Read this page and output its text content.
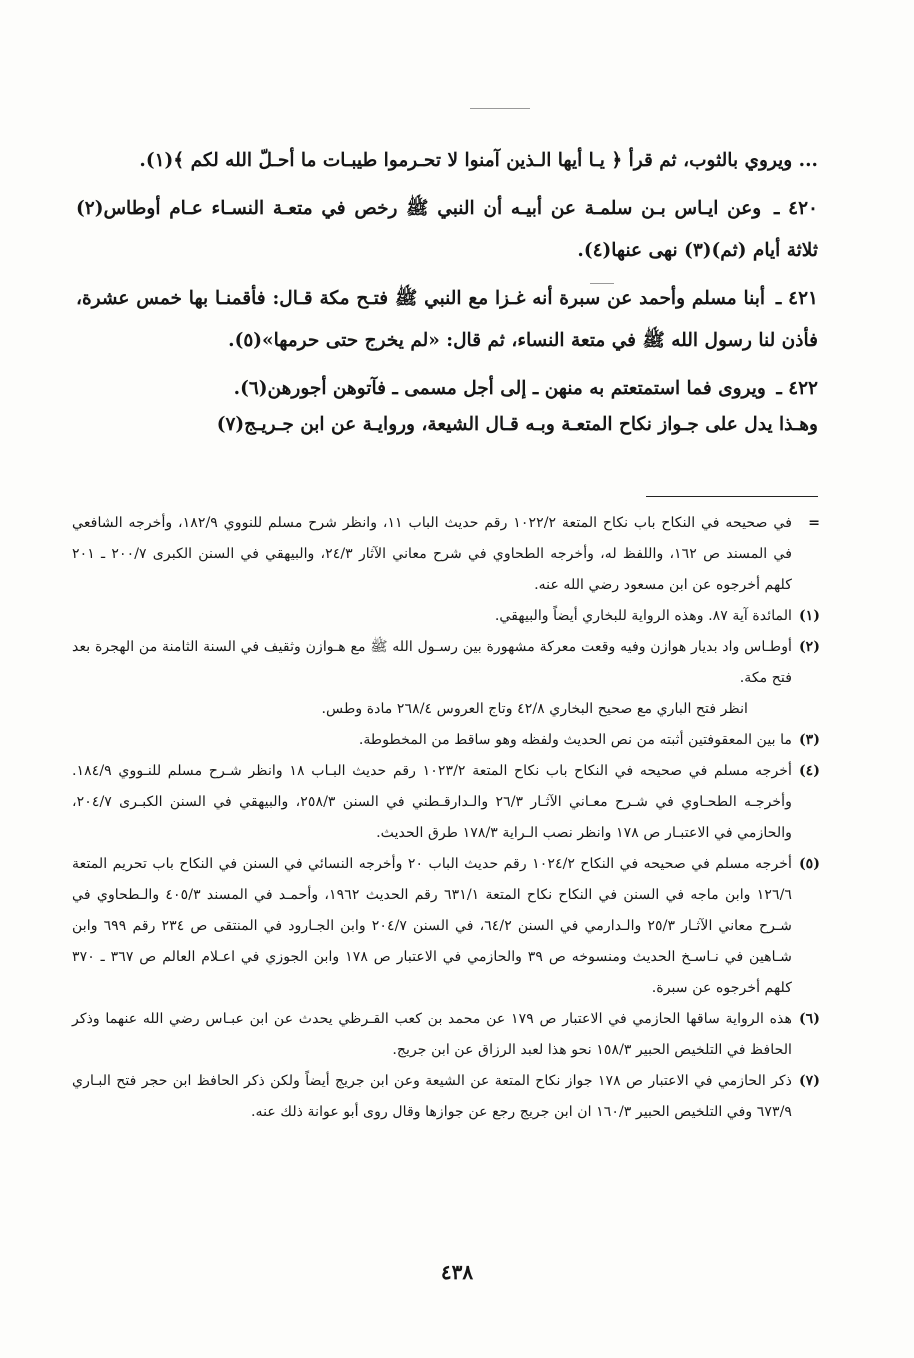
... ويروي بالثوب، ثم قرأ ﴿ يـا أيها الـذين آمنوا لا تحـرموا طيبـات ما أحـلّ الله لكم ﴾(١).

٤٢٠ ـ وعن ايـاس بـن سلمـة عن أبيـه أن النبي ﷺ رخص في متعـة النسـاء عـام أوطاس(٢) ثلاثة أيام (ثم)(٣) نهى عنها(٤).

٤٢١ ـ أبنا مسلم وأحمد عن سبرة أنه غـزا مع النبي ﷺ فتـح مكة قـال: فأقمنـا بها خمس عشرة، فأذن لنا رسول الله ﷺ في متعة النساء، ثم قال: «لم يخرج حتى حرمها»(٥).

٤٢٢ ـ ويروى فما استمتعتم به منهن ـ إلى أجل مسمى ـ فآتوهن أجورهن(٦).

وهـذا يدل على جـواز نكاح المتعـة وبـه قـال الشيعة، وروايـة عن ابن جـريـج(٧)

=
في صحيحه في النكاح باب نكاح المتعة ١٠٢٢/٢ رقم حديث الباب ١١، وانظر شرح مسلم للنووي ١٨٢/٩، وأخرجه الشافعي في المسند ص ١٦٢، واللفظ له، وأخرجه الطحاوي في شرح معاني الآثار ٢٤/٣، والبيهقي في السنن الكبرى ٢٠٠/٧ ـ ٢٠١ كلهم أخرجوه عن ابن مسعود رضي الله عنه.

(١)
المائدة آية ٨٧. وهذه الرواية للبخاري أيضاً والبيهقي.

(٢)
أوطـاس واد بديار هوازن وفيه وقعت معركة مشهورة بين رسـول الله ﷺ مع هـوازن وثقيف في السنة الثامنة من الهجرة بعد فتح مكة.

انظر فتح الباري مع صحيح البخاري ٤٢/٨ وتاج العروس ٢٦٨/٤ مادة وطس.

(٣)
ما بين المعقوفتين أثبته من نص الحديث ولفظه وهو ساقط من المخطوطة.

(٤)
أخرجه مسلم في صحيحه في النكاح باب نكاح المتعة ١٠٢٣/٢ رقم حديث البـاب ١٨ وانظر شـرح مسلم للنـووي ١٨٤/٩. وأخرجـه الطحـاوي في شـرح معـاني الآثـار ٢٦/٣ والـدارقـطني في السنن ٢٥٨/٣، والبيهقي في السنن الكبـرى ٢٠٤/٧، والحازمي في الاعتبـار ص ١٧٨ وانظر نصب الـراية ١٧٨/٣ طرق الحديث.

(٥)
أخرجه مسلم في صحيحه في النكاح ١٠٢٤/٢ رقم حديث الباب ٢٠ وأخرجه النسائي في السنن في النكاح باب تحريم المتعة ١٢٦/٦ وابن ماجه في السنن في النكاح نكاح المتعة ٦٣١/١ رقم الحديث ١٩٦٢، وأحمـد في المسند ٤٠٥/٣ والـطحاوي في شـرح معاني الآثـار ٢٥/٣ والـدارمي في السنن ٦٤/٢، في السنن ٢٠٤/٧ وابن الجـارود في المنتقى ص ٢٣٤ رقم ٦٩٩ وابن شـاهين في نـاسـخ الحديث ومنسوخه ص ٣٩ والحازمي في الاعتبار ص ١٧٨ وابن الجوزي في اعـلام العالم ص ٣٦٧ ـ ٣٧٠ كلهم أخرجوه عن سبرة.

(٦)
هذه الرواية ساقها الحازمي في الاعتبار ص ١٧٩ عن محمد بن كعب القـرظي يحدث عن ابن عبـاس رضي الله عنهما وذكر الحافظ في التلخيص الحبير ١٥٨/٣ نحو هذا لعبد الرزاق عن ابن جريج.

(٧)
ذكر الحازمي في الاعتبار ص ١٧٨ جواز نكاح المتعة عن الشيعة وعن ابن جريج أيضاً ولكن ذكر الحافظ ابن حجر فتح البـاري ٦٧٣/٩ وفي التلخيص الحبير ١٦٠/٣ ان ابن جريج رجع عن جوازها وقال روى أبو عوانة ذلك عنه.

٤٣٨
